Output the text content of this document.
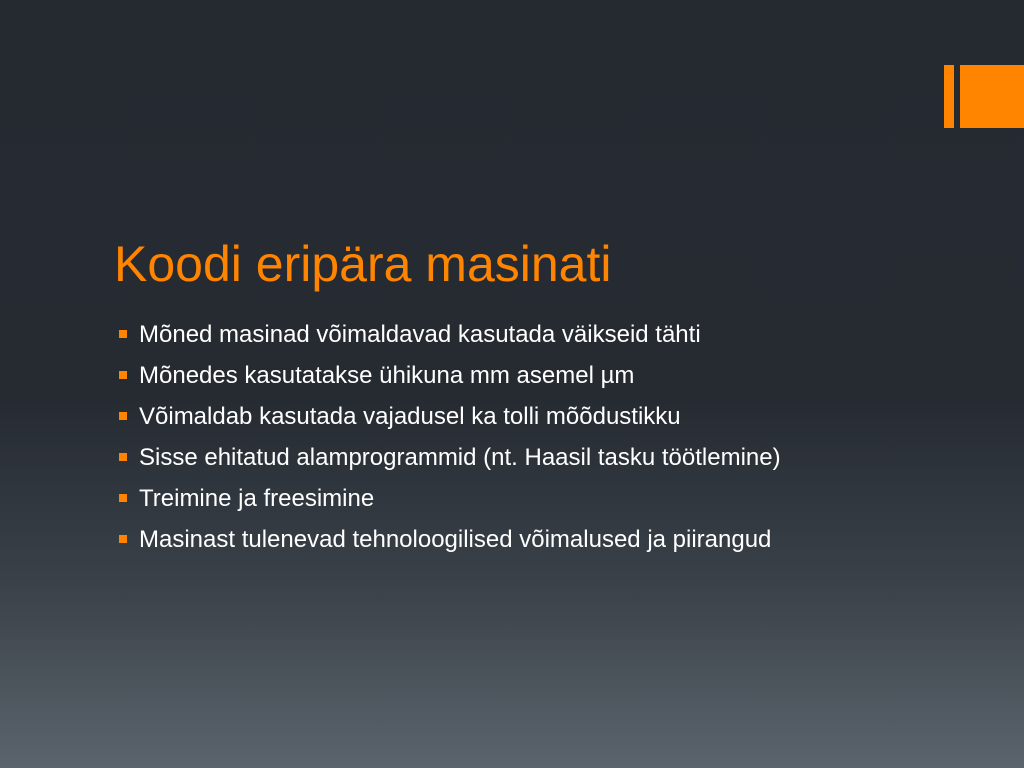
Koodi eripära masinati
Mõned masinad võimaldavad kasutada väikseid tähti
Mõnedes kasutatakse ühikuna mm asemel µm
Võimaldab kasutada vajadusel ka tolli mõõdustikku
Sisse ehitatud alamprogrammid (nt. Haasil tasku töötlemine)
Treimine ja freesimine
Masinast tulenevad tehnoloogilised võimalused ja piirangud
